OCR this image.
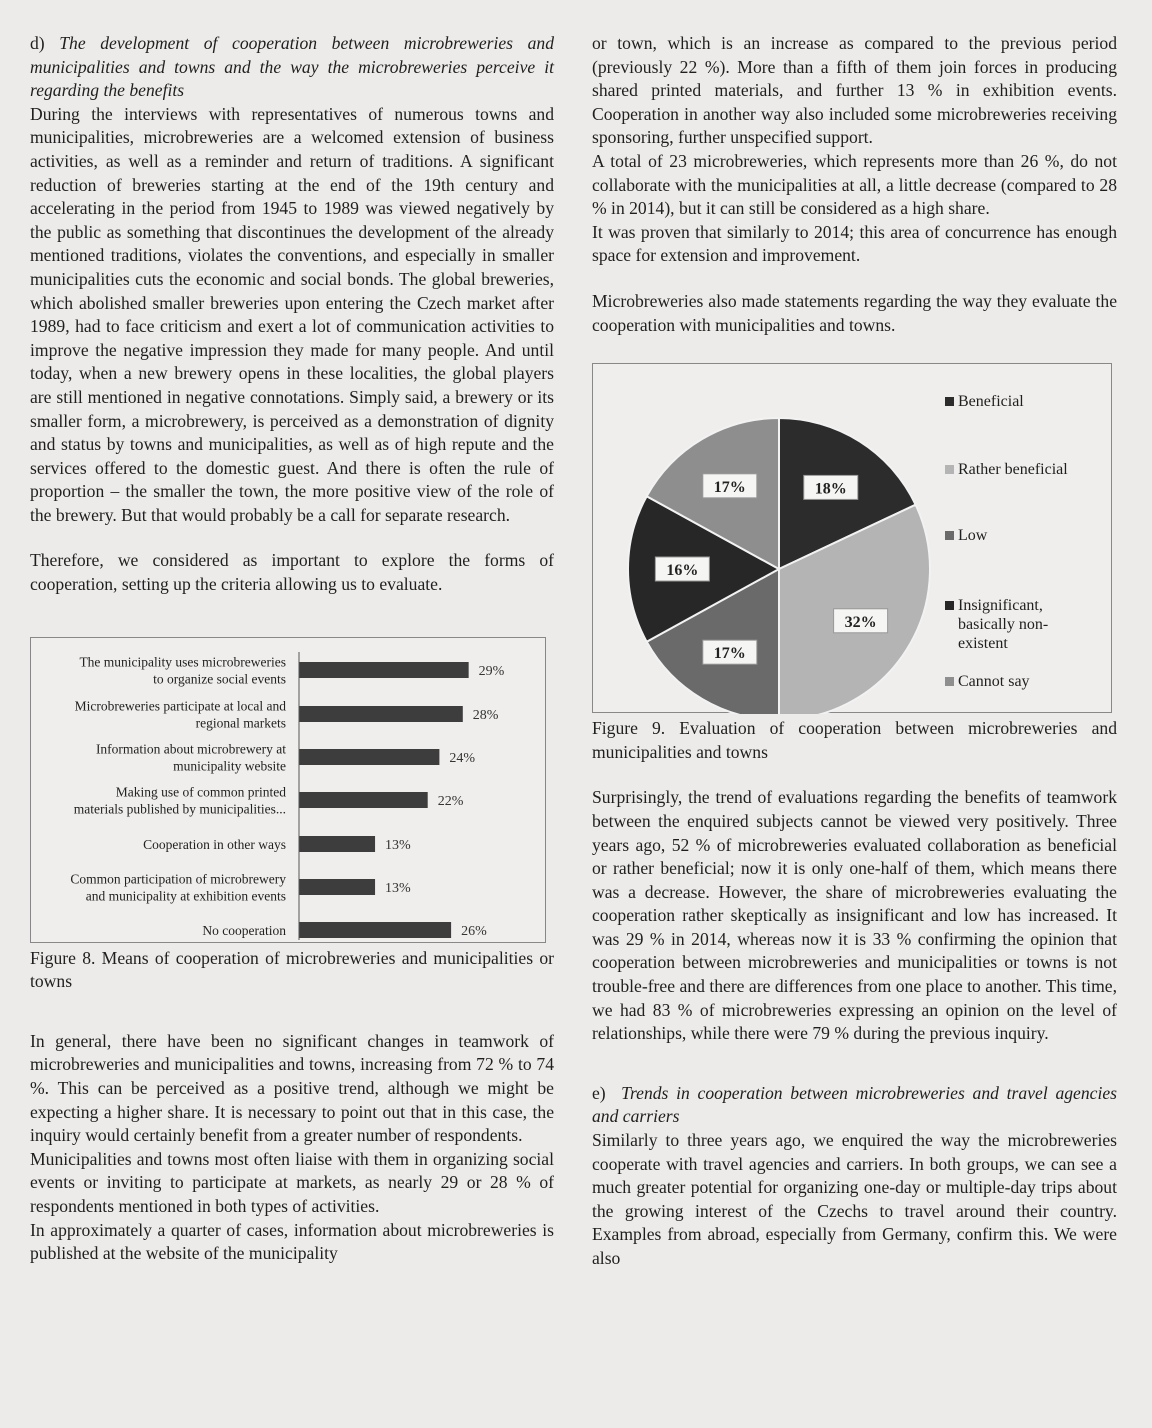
d) The development of cooperation between microbreweries and municipalities and towns and the way the microbreweries perceive it regarding the benefits

During the interviews with representatives of numerous towns and municipalities, microbreweries are a welcomed extension of business activities, as well as a reminder and return of traditions. A significant reduction of breweries starting at the end of the 19th century and accelerating in the period from 1945 to 1989 was viewed negatively by the public as something that discontinues the development of the already mentioned traditions, violates the conventions, and especially in smaller municipalities cuts the economic and social bonds. The global breweries, which abolished smaller breweries upon entering the Czech market after 1989, had to face criticism and exert a lot of communication activities to improve the negative impression they made for many people. And until today, when a new brewery opens in these localities, the global players are still mentioned in negative connotations. Simply said, a brewery or its smaller form, a microbrewery, is perceived as a demonstration of dignity and status by towns and municipalities, as well as of high repute and the services offered to the domestic guest. And there is often the rule of proportion – the smaller the town, the more positive view of the role of the brewery. But that would probably be a call for separate research.

Therefore, we considered as important to explore the forms of cooperation, setting up the criteria allowing us to evaluate.

The municipality uses microbreweries
to organize social events	29%
Microbreweries participate at local and
regional markets	28%
Information about microbrewery at
municipality website	24%
Making use of common printed
materials published by municipalities...	22%
Cooperation in other ways	13%
Common participation of microbrewery
and municipality at exhibition events	13%
No cooperation	26%

Figure 8. Means of cooperation of microbreweries and municipalities or towns

In general, there have been no significant changes in teamwork of microbreweries and municipalities and towns, increasing from 72 % to 74 %. This can be perceived as a positive trend, although we might be expecting a higher share. It is necessary to point out that in this case, the inquiry would certainly benefit from a greater number of respondents.

Municipalities and towns most often liaise with them in organizing social events or inviting to participate at markets, as nearly 29 or 28 % of respondents mentioned in both types of activities.

In approximately a quarter of cases, information about microbreweries is published at the website of the municipality

or town, which is an increase as compared to the previous period (previously 22 %). More than a fifth of them join forces in producing shared printed materials, and further 13 % in exhibition events. Cooperation in another way also included some microbreweries receiving sponsoring, further unspecified support.

A total of 23 microbreweries, which represents more than 26 %, do not collaborate with the municipalities at all, a little decrease (compared to 28 % in 2014), but it can still be considered as a high share.

It was proven that similarly to 2014; this area of concurrence has enough space for extension and improvement.

Microbreweries also made statements regarding the way they evaluate the cooperation with municipalities and towns.

18%
32%
17%
16%
17%
Beneficial
Rather beneficial
Low
Insignificant,
basically non-
existent
Cannot say

Figure 9. Evaluation of cooperation between microbreweries and municipalities and towns

Surprisingly, the trend of evaluations regarding the benefits of teamwork between the enquired subjects cannot be viewed very positively. Three years ago, 52 % of microbreweries evaluated collaboration as beneficial or rather beneficial; now it is only one-half of them, which means there was a decrease. However, the share of microbreweries evaluating the cooperation rather skeptically as insignificant and low has increased. It was 29 % in 2014, whereas now it is 33 % confirming the opinion that cooperation between microbreweries and municipalities or towns is not trouble-free and there are differences from one place to another. This time, we had 83 % of microbreweries expressing an opinion on the level of relationships, while there were 79 % during the previous inquiry.

e) Trends in cooperation between microbreweries and travel agencies and carriers

Similarly to three years ago, we enquired the way the microbreweries cooperate with travel agencies and carriers. In both groups, we can see a much greater potential for organizing one-day or multiple-day trips about the growing interest of the Czechs to travel around their country. Examples from abroad, especially from Germany, confirm this. We were also
